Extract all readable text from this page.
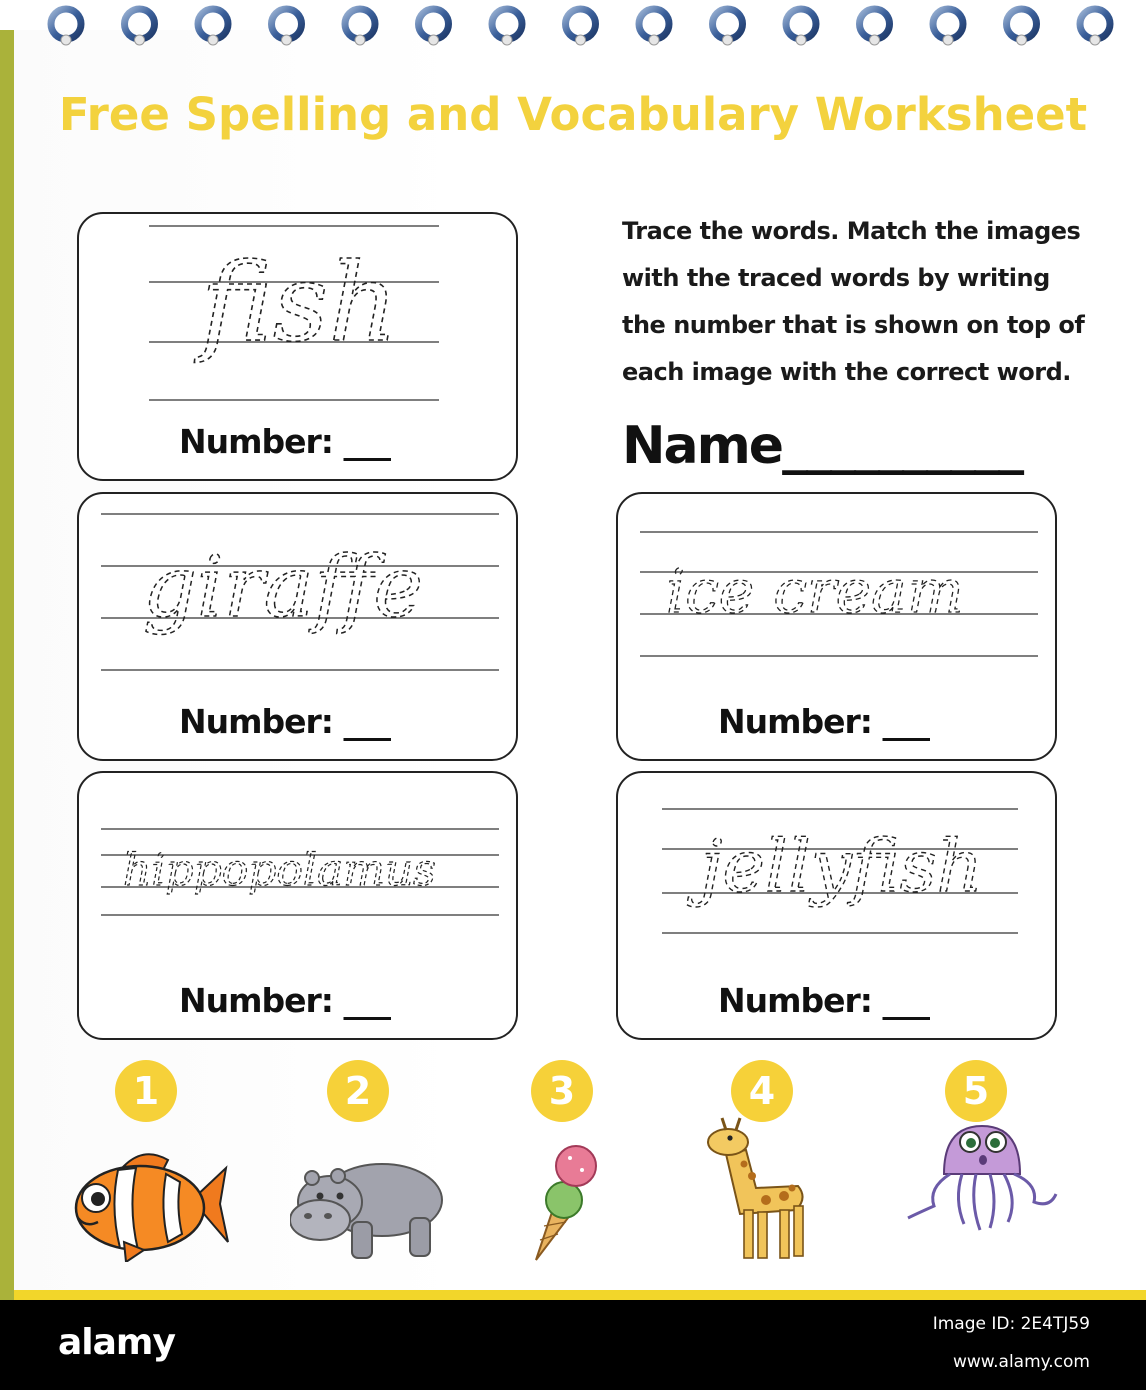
Free Spelling and Vocabulary Worksheet
fish
Number: ___
giraffe
Number: ___
hippopolamus
Number: ___
Trace the words. Match the images with the traced words by writing the number that is shown on top of each image with the correct word.
Name__________
ice cream
Number: ___
jellyfish
Number: ___
1	2	3	4	5
alamy	Image ID: 2E4TJ59
www.alamy.com
